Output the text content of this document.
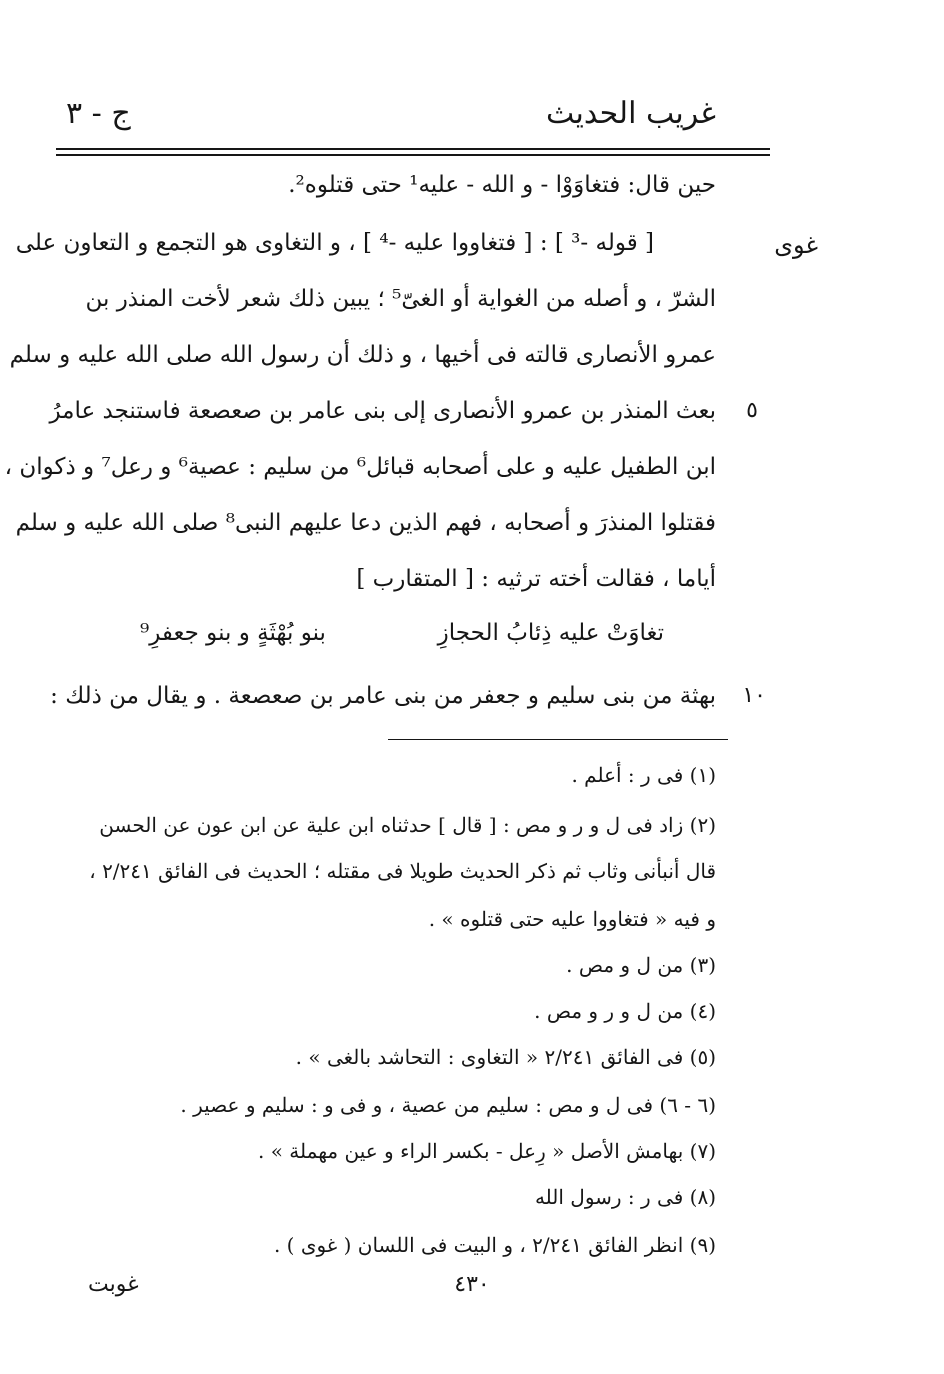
غريب الحديث
ج - ٣
غوى
٥
١٠
حين قال: فتغاوَوْا - و الله - عليه¹ حتى قتلوه².
[ قوله -³ ] : [ فتغاووا عليه -⁴ ] ، و التغاوى هو التجمع و التعاون على
الشرّ ، و أصله من الغواية أو الغىّ⁵ ؛ يبين ذلك شعر لأخت المنذر بن
عمرو الأنصارى قالته فى أخيها ، و ذلك أن رسول الله صلى الله عليه و سلم
بعث المنذر بن عمرو الأنصارى إلى بنى عامر بن صعصعة فاستنجد عامرُ
ابن الطفيل عليه و على أصحابه قبائل⁶ من سليم : عصية⁶ و رعل⁷ و ذكوان ،
فقتلوا المنذرَ و أصحابه ، فهم الذين دعا عليهم النبى⁸ صلى الله عليه و سلم
أياما ، فقالت أخته ترثيه : [ المتقارب ]
تغاوَتْ عليه ذِئابُ الحجازِ
بنو بُهْثَةٍ و بنو جعفرِ⁹
بهثة من بنى سليم و جعفر من بنى عامر بن صعصعة . و يقال من ذلك :
(١) فى ر : أعلم .
(٢) زاد فى ل و ر و مص : [ قال ] حدثناه ابن علية عن ابن عون عن الحسن
قال أنبأنى وثاب ثم ذكر الحديث طويلا فى مقتله ؛ الحديث فى الفائق ٢/٢٤١ ،
و فيه « فتغاووا عليه حتى قتلوه » .
(٣) من ل و مص .
(٤) من ل و ر و مص .
(٥) فى الفائق ٢/٢٤١ « التغاوى : التحاشد بالغى » .
(٦ - ٦) فى ل و مص : سليم من عصية ، و فى و : سليم و عصير .
(٧) بهامش الأصل « رِعل - بكسر الراء و عين مهملة » .
(٨) فى ر : رسول الله
(٩) انظر الفائق ٢/٢٤١ ، و البيت فى اللسان ( غوى ) .
٤٣٠
غوبت
